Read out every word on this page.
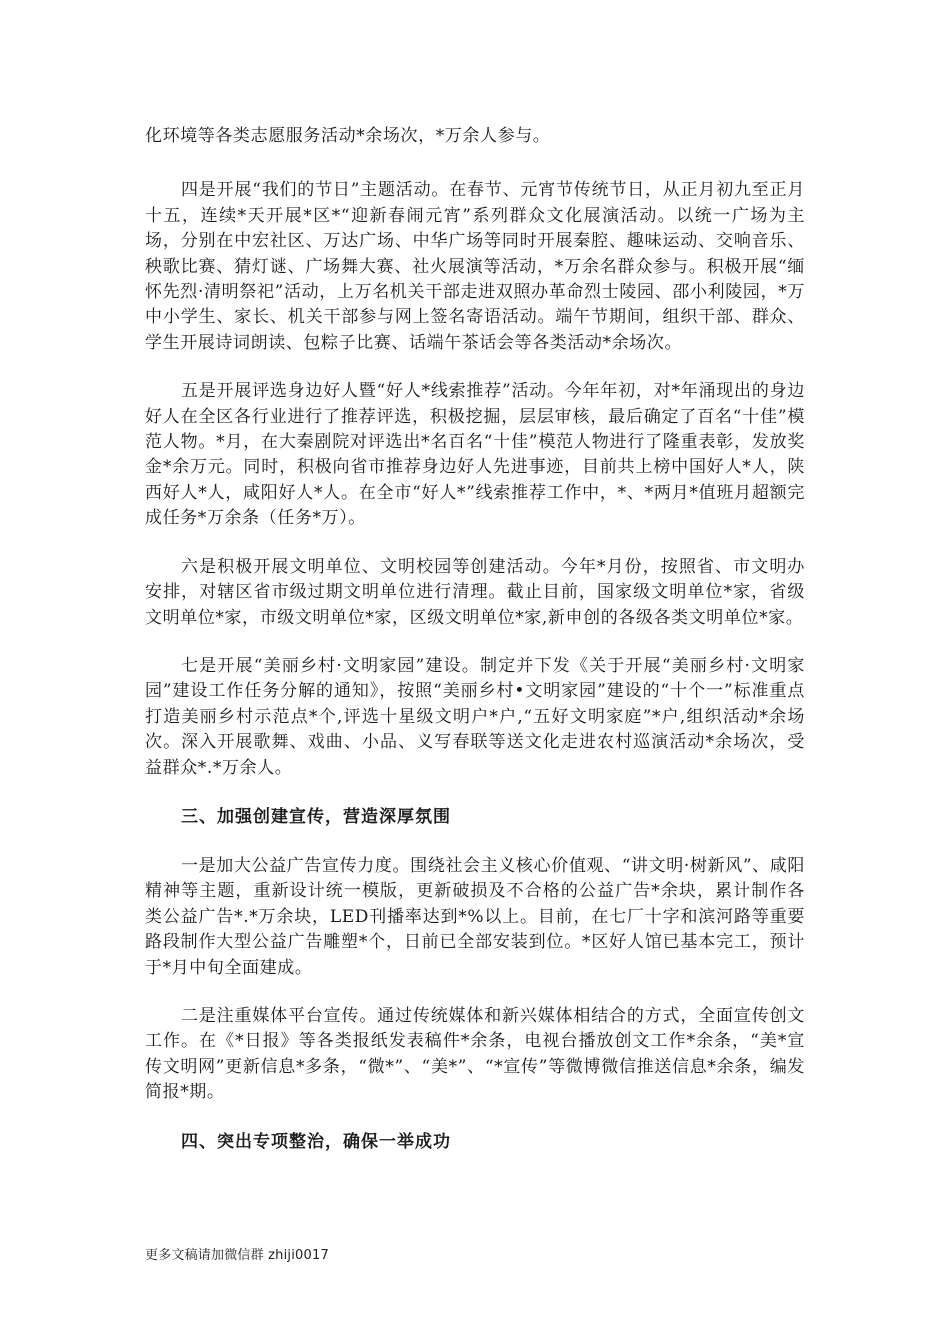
化环境等各类志愿服务活动*余场次，*万余人参与。

四是开展“我们的节日”主题活动。在春节、元宵节传统节日，从正月初九至正月十五，连续*天开展*区*“迎新春闹元宵”系列群众文化展演活动。以统一广场为主场，分别在中宏社区、万达广场、中华广场等同时开展秦腔、趣味运动、交响音乐、秧歌比赛、猜灯谜、广场舞大赛、社火展演等活动，*万余名群众参与。积极开展“缅怀先烈·清明祭祀”活动，上万名机关干部走进双照办革命烈士陵园、邵小利陵园，*万中小学生、家长、机关干部参与网上签名寄语活动。端午节期间，组织干部、群众、学生开展诗词朗读、包粽子比赛、话端午茶话会等各类活动*余场次。

五是开展评选身边好人暨“好人*线索推荐”活动。今年年初，对*年涌现出的身边好人在全区各行业进行了推荐评选，积极挖掘，层层审核，最后确定了百名“十佳”模范人物。*月，在大秦剧院对评选出*名百名“十佳”模范人物进行了隆重表彰，发放奖金*余万元。同时，积极向省市推荐身边好人先进事迹，目前共上榜中国好人*人，陕西好人*人，咸阳好人*人。在全市“好人*”线索推荐工作中，*、*两月*值班月超额完成任务*万余条（任务*万）。

六是积极开展文明单位、文明校园等创建活动。今年*月份，按照省、市文明办安排，对辖区省市级过期文明单位进行清理。截止目前，国家级文明单位*家，省级文明单位*家，市级文明单位*家，区级文明单位*家,新申创的各级各类文明单位*家。

七是开展“美丽乡村·文明家园”建设。制定并下发《关于开展“美丽乡村·文明家园”建设工作任务分解的通知》，按照“美丽乡村•文明家园”建设的“十个一”标准重点打造美丽乡村示范点*个,评选十星级文明户*户,“五好文明家庭”*户,组织活动*余场次。深入开展歌舞、戏曲、小品、义写春联等送文化走进农村巡演活动*余场次，受益群众*.*万余人。

三、加强创建宣传，营造深厚氛围

一是加大公益广告宣传力度。围绕社会主义核心价值观、“讲文明·树新风”、咸阳精神等主题，重新设计统一模版，更新破损及不合格的公益广告*余块，累计制作各类公益广告*.*万余块，LED刊播率达到*%以上。目前，在七厂十字和滨河路等重要路段制作大型公益广告雕塑*个，日前已全部安装到位。*区好人馆已基本完工，预计于*月中旬全面建成。

二是注重媒体平台宣传。通过传统媒体和新兴媒体相结合的方式，全面宣传创文工作。在《*日报》等各类报纸发表稿件*余条，电视台播放创文工作*余条，“美*宣传文明网”更新信息*多条，“微*”、“美*”、“*宣传”等微博微信推送信息*余条，编发简报*期。

四、突出专项整治，确保一举成功
更多文稿请加微信群 zhiji0017
